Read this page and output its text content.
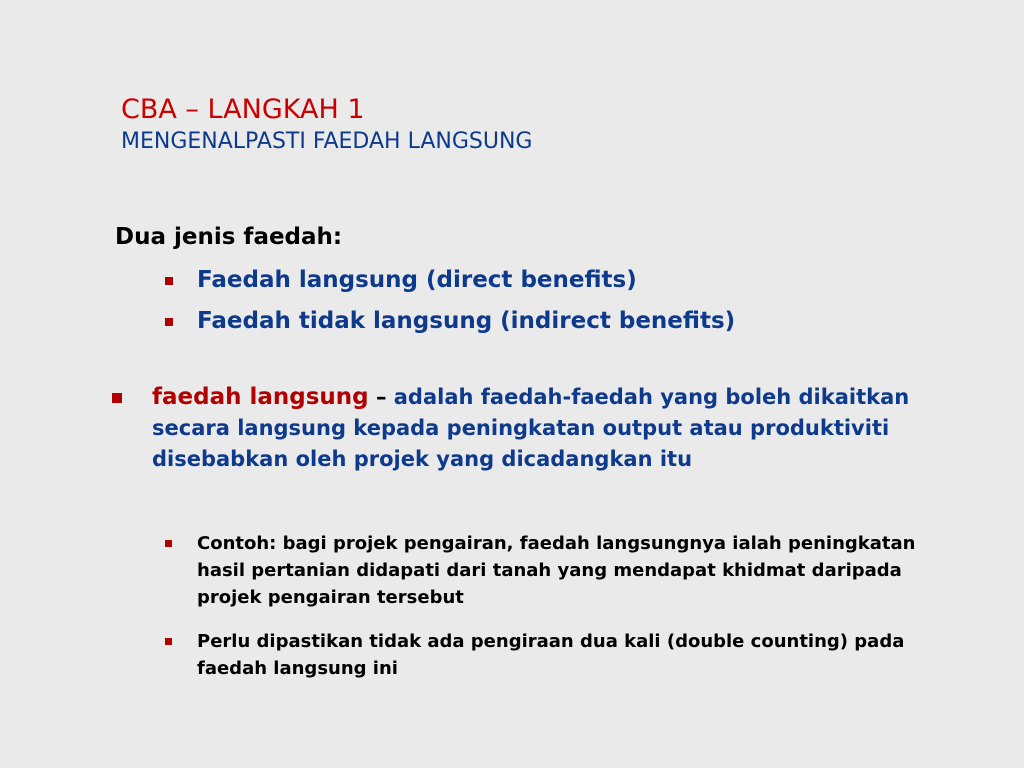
CBA – LANGKAH 1
MENGENALPASTI FAEDAH LANGSUNG
Dua jenis faedah:
Faedah langsung (direct benefits)
Faedah tidak langsung (indirect benefits)
faedah langsung – adalah faedah-faedah yang boleh dikaitkan secara langsung kepada peningkatan output atau produktiviti disebabkan oleh projek yang dicadangkan itu
Contoh: bagi projek pengairan, faedah langsungnya ialah peningkatan hasil pertanian didapati dari tanah yang mendapat khidmat daripada projek pengairan tersebut
Perlu dipastikan tidak ada pengiraan dua kali (double counting) pada faedah langsung ini
